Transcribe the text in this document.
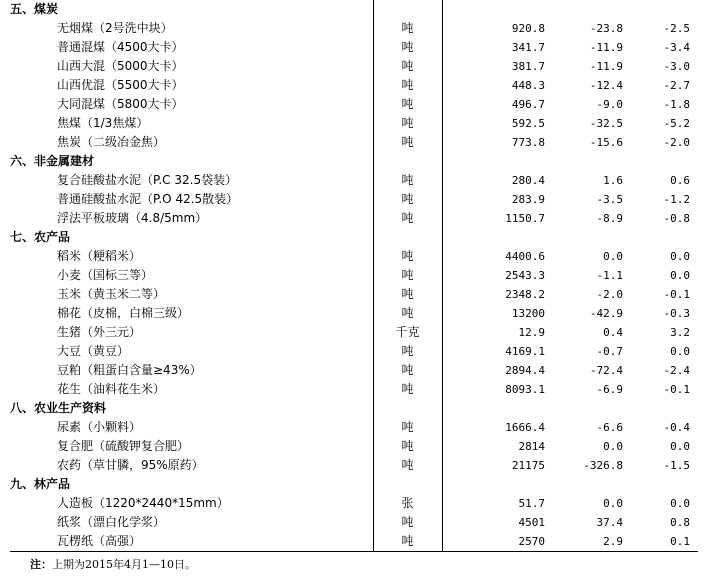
五、煤炭				
无烟煤（2号洗中块）	吨	920.8	-23.8	-2.5
普通混煤（4500大卡）	吨	341.7	-11.9	-3.4
山西大混（5000大卡）	吨	381.7	-11.9	-3.0
山西优混（5500大卡）	吨	448.3	-12.4	-2.7
大同混煤（5800大卡）	吨	496.7	-9.0	-1.8
焦煤（1/3焦煤）	吨	592.5	-32.5	-5.2
焦炭（二级冶金焦）	吨	773.8	-15.6	-2.0
六、非金属建材				
复合硅酸盐水泥（P.C 32.5袋装）	吨	280.4	1.6	0.6
普通硅酸盐水泥（P.O 42.5散装）	吨	283.9	-3.5	-1.2
浮法平板玻璃（4.8/5mm）	吨	1150.7	-8.9	-0.8
七、农产品				
稻米（粳稻米）	吨	4400.6	0.0	0.0
小麦（国标三等）	吨	2543.3	-1.1	0.0
玉米（黄玉米二等）	吨	2348.2	-2.0	-0.1
棉花（皮棉，白棉三级）	吨	13200	-42.9	-0.3
生猪（外三元）	千克	12.9	0.4	3.2
大豆（黄豆）	吨	4169.1	-0.7	0.0
豆粕（粗蛋白含量≥43%）	吨	2894.4	-72.4	-2.4
花生（油料花生米）	吨	8093.1	-6.9	-0.1
八、农业生产资料				
尿素（小颗料）	吨	1666.4	-6.6	-0.4
复合肥（硫酸钾复合肥）	吨	2814	0.0	0.0
农药（草甘膦，95%原药）	吨	21175	-326.8	-1.5
九、林产品				
人造板（1220*2440*15mm）	张	51.7	0.0	0.0
纸浆（漂白化学浆）	吨	4501	37.4	0.8
瓦楞纸（高强）	吨	2570	2.9	0.1
注：上期为2015年4月1—10日。
